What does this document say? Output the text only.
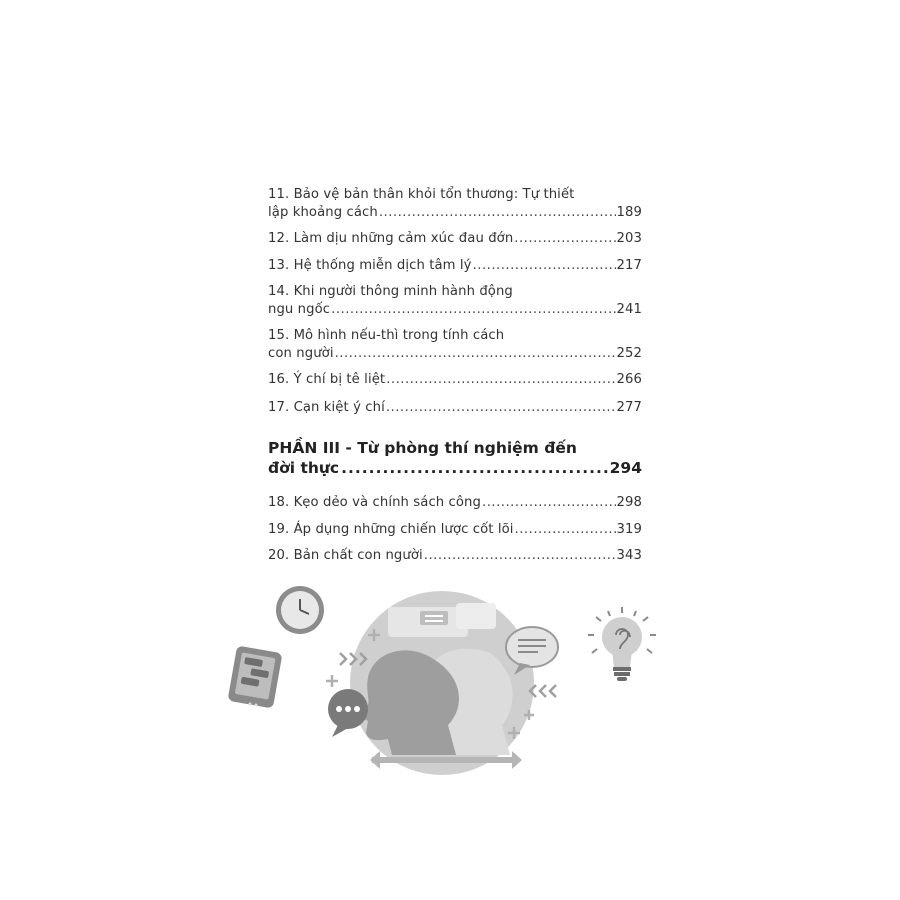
11. Bảo vệ bản thân khỏi tổn thương: Tự thiết
lập khoảng cách .....	189
12. Làm dịu những cảm xúc đau đớn .....	203
13. Hệ thống miễn dịch tâm lý .....	217
14. Khi người thông minh hành động
ngu ngốc .....	241
15. Mô hình nếu-thì trong tính cách
con người .....	252
16. Ý chí bị tê liệt .....	266
17. Cạn kiệt ý chí .....	277
PHẦN III - Từ phòng thí nghiệm đến
đời thực .....	294
18. Kẹo dẻo và chính sách công .....	298
19. Áp dụng những chiến lược cốt lõi .....	319
20. Bản chất con người .....	343
